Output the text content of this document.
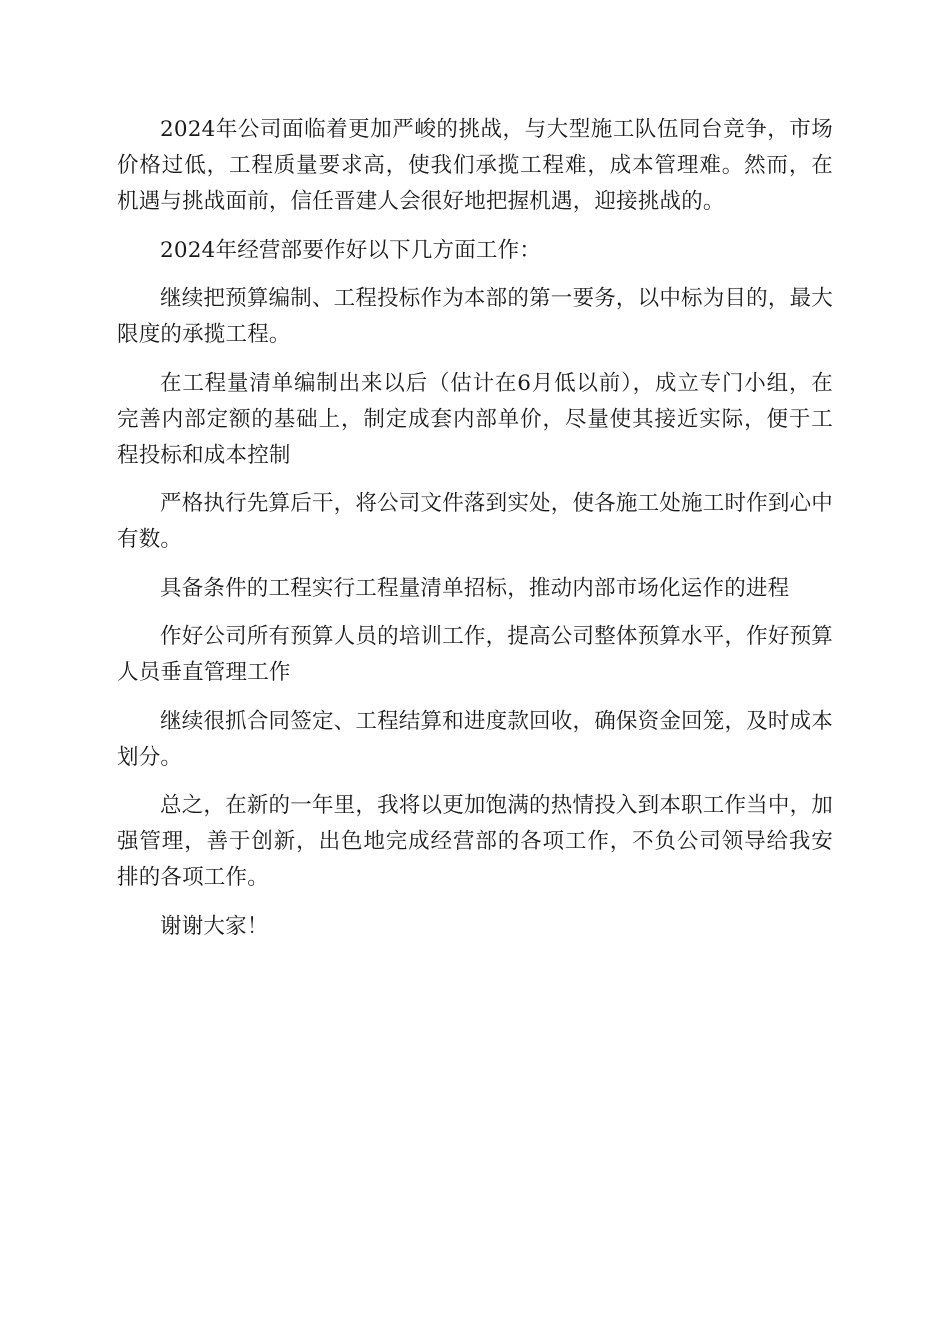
2024年公司面临着更加严峻的挑战，与大型施工队伍同台竞争，市场价格过低，工程质量要求高，使我们承揽工程难，成本管理难。然而，在机遇与挑战面前，信任晋建人会很好地把握机遇，迎接挑战的。

2024年经营部要作好以下几方面工作：

继续把预算编制、工程投标作为本部的第一要务，以中标为目的，最大限度的承揽工程。

在工程量清单编制出来以后（估计在6月低以前），成立专门小组，在完善内部定额的基础上，制定成套内部单价，尽量使其接近实际，便于工程投标和成本控制

严格执行先算后干，将公司文件落到实处，使各施工处施工时作到心中有数。

具备条件的工程实行工程量清单招标，推动内部市场化运作的进程

作好公司所有预算人员的培训工作，提高公司整体预算水平，作好预算人员垂直管理工作

继续很抓合同签定、工程结算和进度款回收，确保资金回笼，及时成本划分。

总之，在新的一年里，我将以更加饱满的热情投入到本职工作当中，加强管理，善于创新，出色地完成经营部的各项工作，不负公司领导给我安排的各项工作。

谢谢大家！
